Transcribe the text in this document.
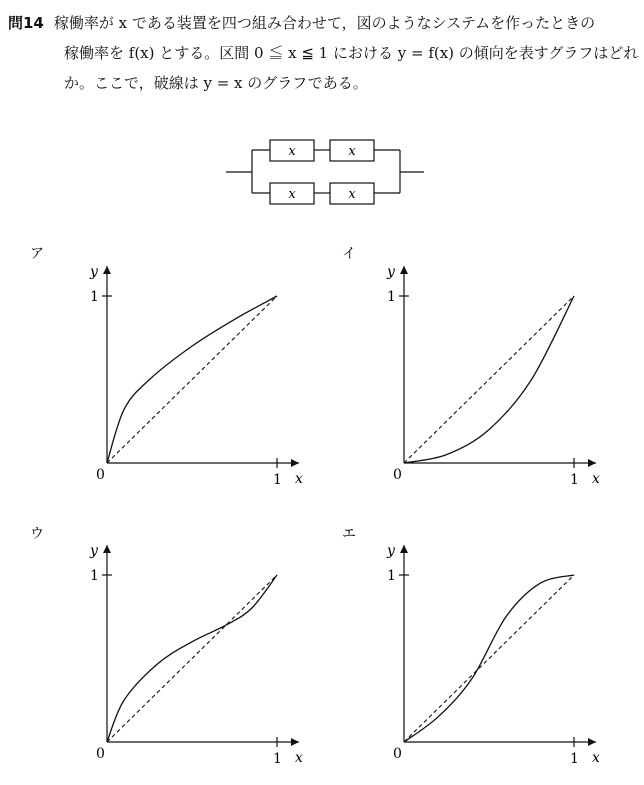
問14 稼働率が x である装置を四つ組み合わせて，図のようなシステムを作ったときの
稼働率を f(x) とする。区間 0 ≦ x ≦ 1 における y = f(x) の傾向を表すグラフはどれ
か。ここで，破線は y = x のグラフである。
x	x
x	x
ア
1
1
0
y
x
イ
1
1
0
y
x
ウ
1
1
0
y
x
エ
1
1
0
y
x
